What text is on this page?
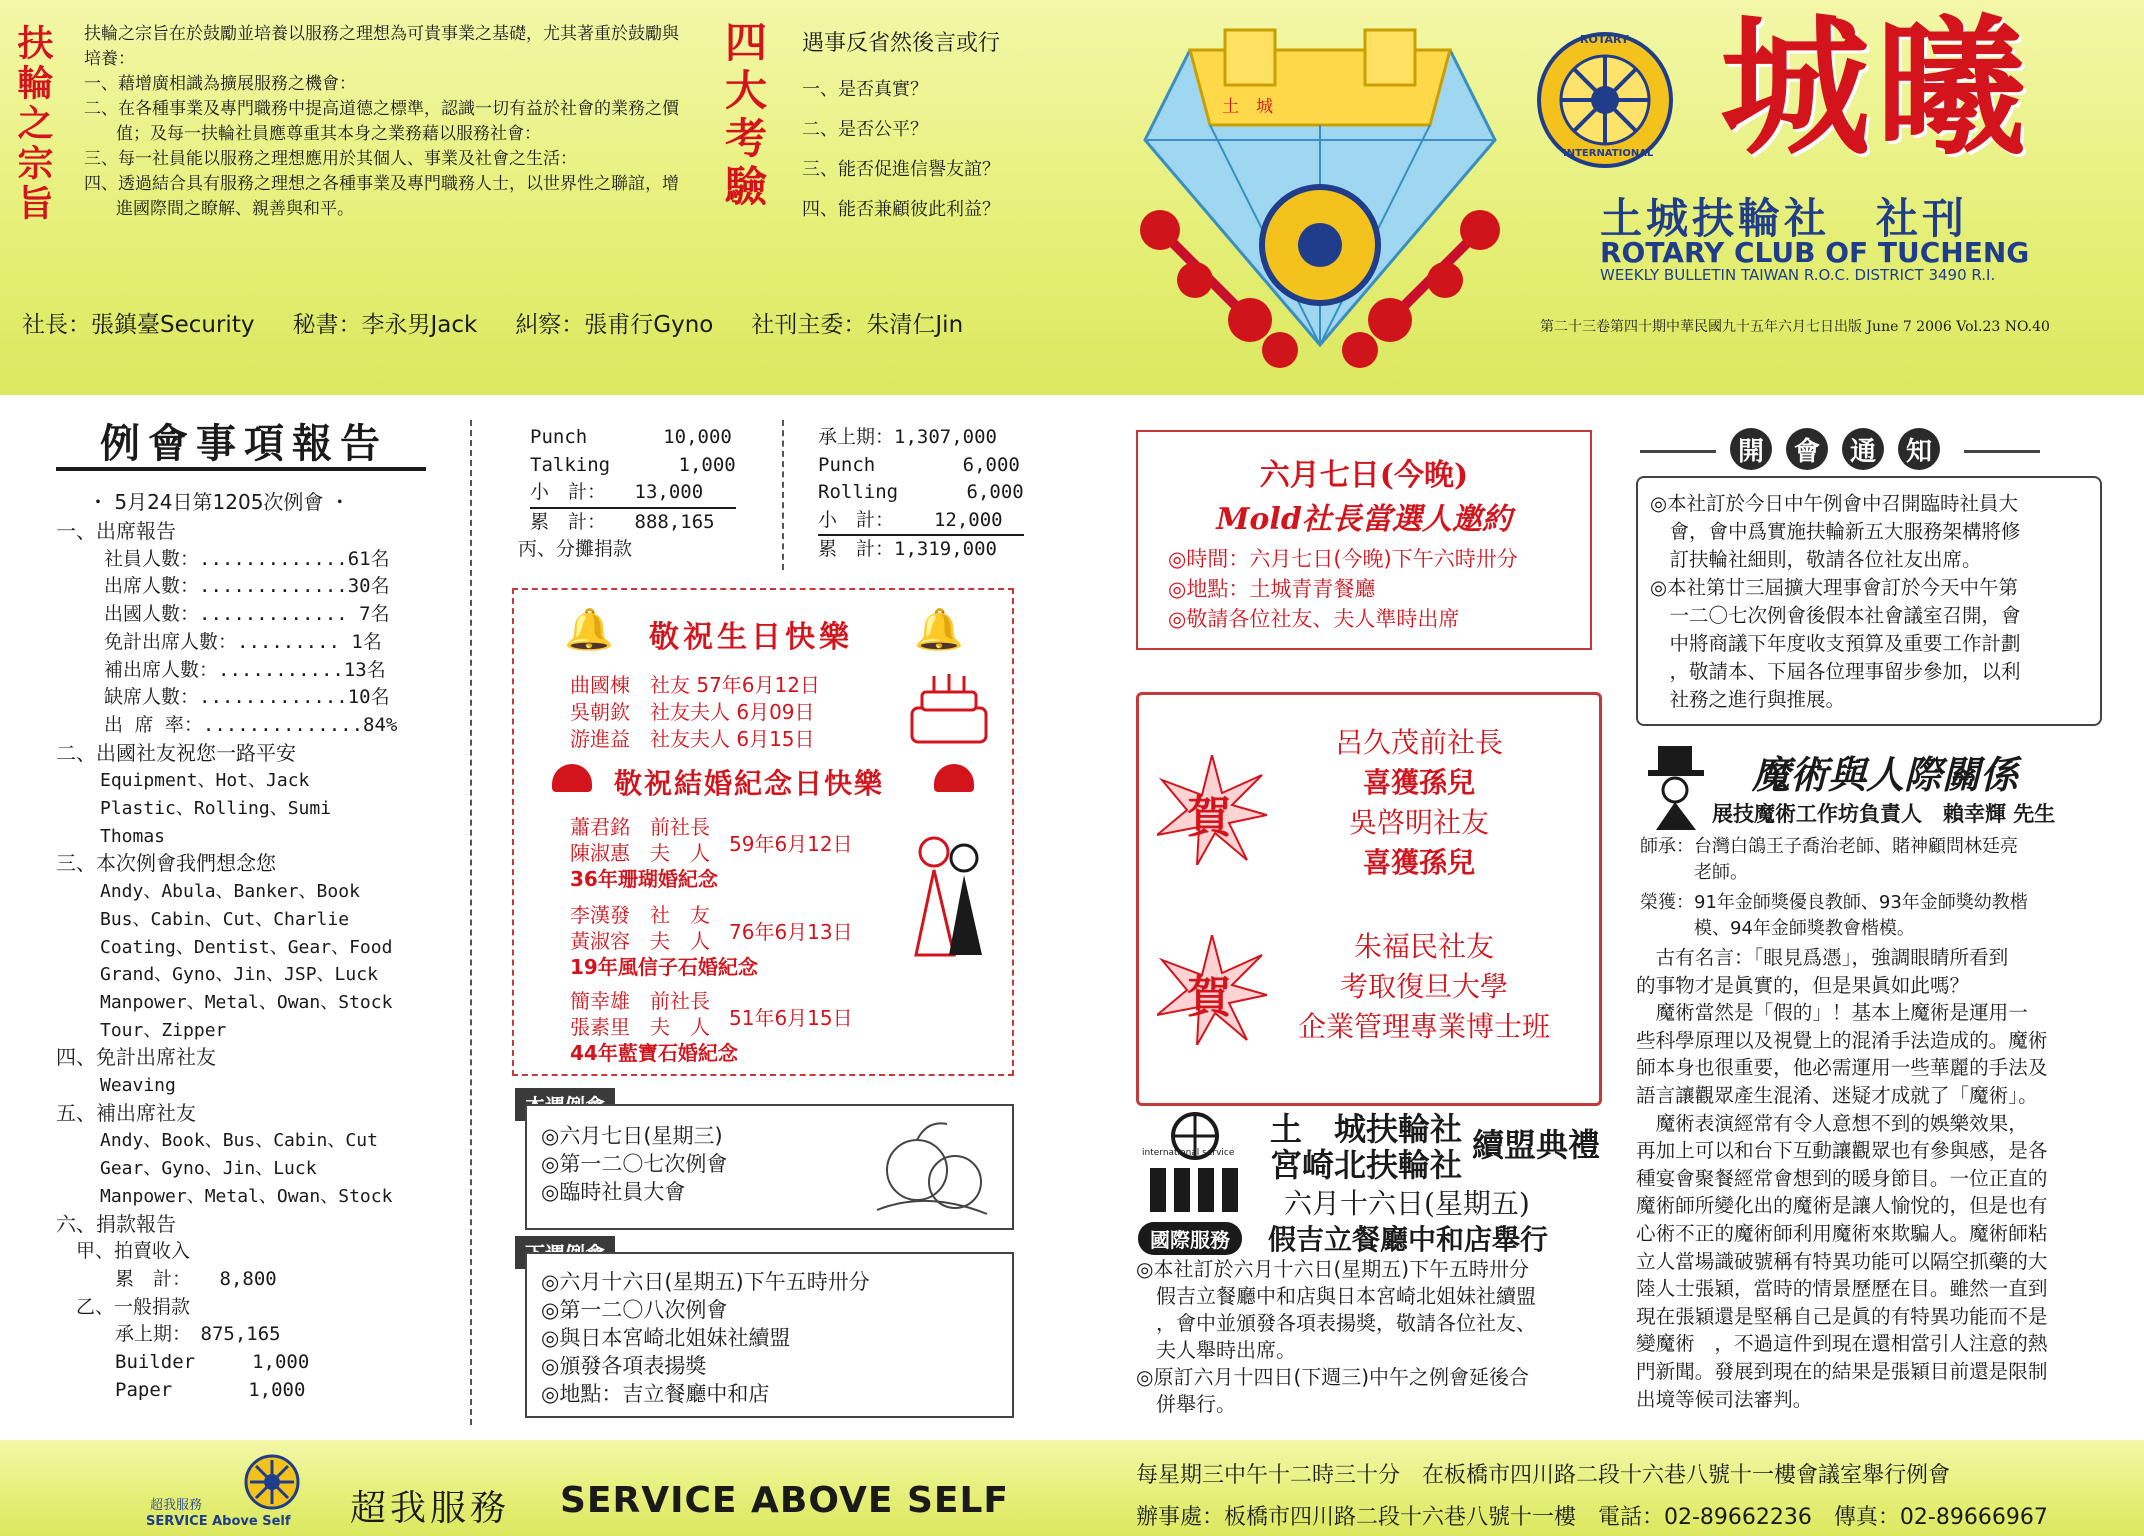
扶輪之宗旨 扶輪之宗旨在於鼓勵並培養以服務之理想為可貴事業之基礎，尤其著重於鼓勵與培養：
一、藉增廣相識為擴展服務之機會：
二、在各種事業及專門職務中提高道德之標準，認識一切有益於社會的業務之價值；及每一扶輪社員應尊重其本身之業務藉以服務社會：
三、每一社員能以服務之理想應用於其個人、事業及社會之生活：
四、透過結合具有服務之理想之各種事業及專門職務人士，以世界性之聯誼，增進國際間之瞭解、親善與和平。	四大考驗 遇事反省然後言或行
一、是否真實？
二、是否公平？
三、能否促進信譽友誼？
四、能否兼顧彼此利益？
土　城
ROTARY
INTERNATIONAL 城曦
土城扶輪社　社刊
ROTARY CLUB OF TUCHENG
WEEKLY BULLETIN TAIWAN R.O.C. DISTRICT 3490 R.I.
社長：張鎮臺Security 秘書：李永男Jack 糾察：張甫行Gyno 社刊主委：朱清仁Jin	第二十三卷第四十期中華民國九十五年六月七日出版 June 7 2006 Vol.23 NO.40
例會事項報告
・ 5月24日第1205次例會 ・
一、出席報告
社員人數：.............61名
出席人數：.............30名
出國人數：............. 7名
免計出席人數：......... 1名
補出席人數：...........13名
缺席人數：.............10名
出 席 率：..............84%
二、出國社友祝您一路平安
Equipment、Hot、Jack
Plastic、Rolling、Sumi
Thomas
三、本次例會我們想念您
Andy、Abula、Banker、Book
Bus、Cabin、Cut、Charlie
Coating、Dentist、Gear、Food
Grand、Gyno、Jin、JSP、Luck
Manpower、Metal、Owan、Stock
Tour、Zipper
四、免計出席社友
Weaving
五、補出席社友
Andy、Book、Bus、Cabin、Cut
Gear、Gyno、Jin、Luck
Manpower、Metal、Owan、Stock
六、捐款報告
甲、拍賣收入
　累　計：　　8,800
乙、一般捐款
　承上期：　875,165
　Builder　　　1,000
　Paper　　　　1,000
Punch　　　　10,000
Talking　　　 1,000
小　計：　　13,000
累　計：　　888,165
丙、分攤捐款
承上期：1,307,000
Punch　　　　 6,000
Rolling　　　 6,000
小　計：　　 12,000
累　計：1,319,000
敬祝生日快樂
🔔	🔔
曲國棟　社友 57年6月12日
吳朝欽　社友夫人 6月09日
游進益　社友夫人 6月15日
敬祝結婚紀念日快樂
蕭君銘　前社長
陳淑惠　夫　人
36年珊瑚婚紀念
59年6月12日
李漢發　社　友
黃淑容　夫　人
19年風信子石婚紀念
76年6月13日
簡幸雄　前社長
張素里　夫　人
44年藍寶石婚紀念
51年6月15日
◎六月七日(星期三)
◎第一二〇七次例會
◎臨時社員大會
◎六月十六日(星期五)下午五時卅分
◎第一二〇八次例會
◎與日本宮崎北姐妹社續盟
◎頒發各項表揚獎
◎地點：吉立餐廳中和店
六月七日(今晚)
Mold社長當選人邀約
◎時間：六月七日(今晚)下午六時卅分
◎地點：土城青青餐廳
◎敬請各位社友、夫人準時出席
賀
呂久茂前社長
喜獲孫兒
吳啓明社友
喜獲孫兒
賀
朱福民社友
考取復旦大學
企業管理專業博士班
international service
國際服務
土　城扶輪社
宮崎北扶輪社
續盟典禮
六月十六日(星期五)
假吉立餐廳中和店舉行
◎本社訂於六月十六日(星期五)下午五時卅分
　假吉立餐廳中和店與日本宮崎北姐妹社續盟
　，會中並頒發各項表揚獎，敬請各位社友、
　夫人舉時出席。
◎原訂六月十四日(下週三)中午之例會延後合
　併舉行。
開	會	通	知
◎本社訂於今日中午例會中召開臨時社員大
　會，會中爲實施扶輪新五大服務架構將修
　訂扶輪社細則，敬請各位社友出席。
◎本社第廿三屆擴大理事會訂於今天中午第
　一二〇七次例會後假本社會議室召開，會
　中將商議下年度收支預算及重要工作計劃
　，敬請本、下屆各位理事留步參加，以利
　社務之進行與推展。
魔術與人際關係
展技魔術工作坊負責人　賴幸輝 先生
師承：台灣白鴿王子喬治老師、賭神顧問林廷亮
　　　老師。
榮獲：91年金師獎優良教師、93年金師獎幼教楷
　　　模、94年金師獎教會楷模。
　古有名言：「眼見爲憑」，強調眼睛所看到
的事物才是眞實的，但是果眞如此嗎？
　魔術當然是「假的」！基本上魔術是運用一
些科學原理以及視覺上的混淆手法造成的。魔術
師本身也很重要，他必需運用一些華麗的手法及
語言讓觀眾產生混淆、迷疑才成就了「魔術」。
　魔術表演經常有令人意想不到的娛樂效果，
再加上可以和台下互動讓觀眾也有參與感，是各
種宴會聚餐經常會想到的暖身節目。一位正直的
魔術師所變化出的魔術是讓人愉悅的，但是也有
心術不正的魔術師利用魔術來欺騙人。魔術師粘
立人當場識破號稱有特異功能可以隔空抓藥的大
陸人士張穎，當時的情景歷歷在目。雖然一直到
現在張穎還是堅稱自己是眞的有特異功能而不是
變魔術　，不過這件到現在還相當引人注意的熱
門新聞。發展到現在的結果是張穎目前還是限制
出境等候司法審判。
超我服務
SERVICE Above Self 超我服務 SERVICE ABOVE SELF
每星期三中午十二時三十分　在板橋市四川路二段十六巷八號十一樓會議室舉行例會
辦事處：板橋市四川路二段十六巷八號十一樓　電話：02-89662236　傳真：02-89666967
